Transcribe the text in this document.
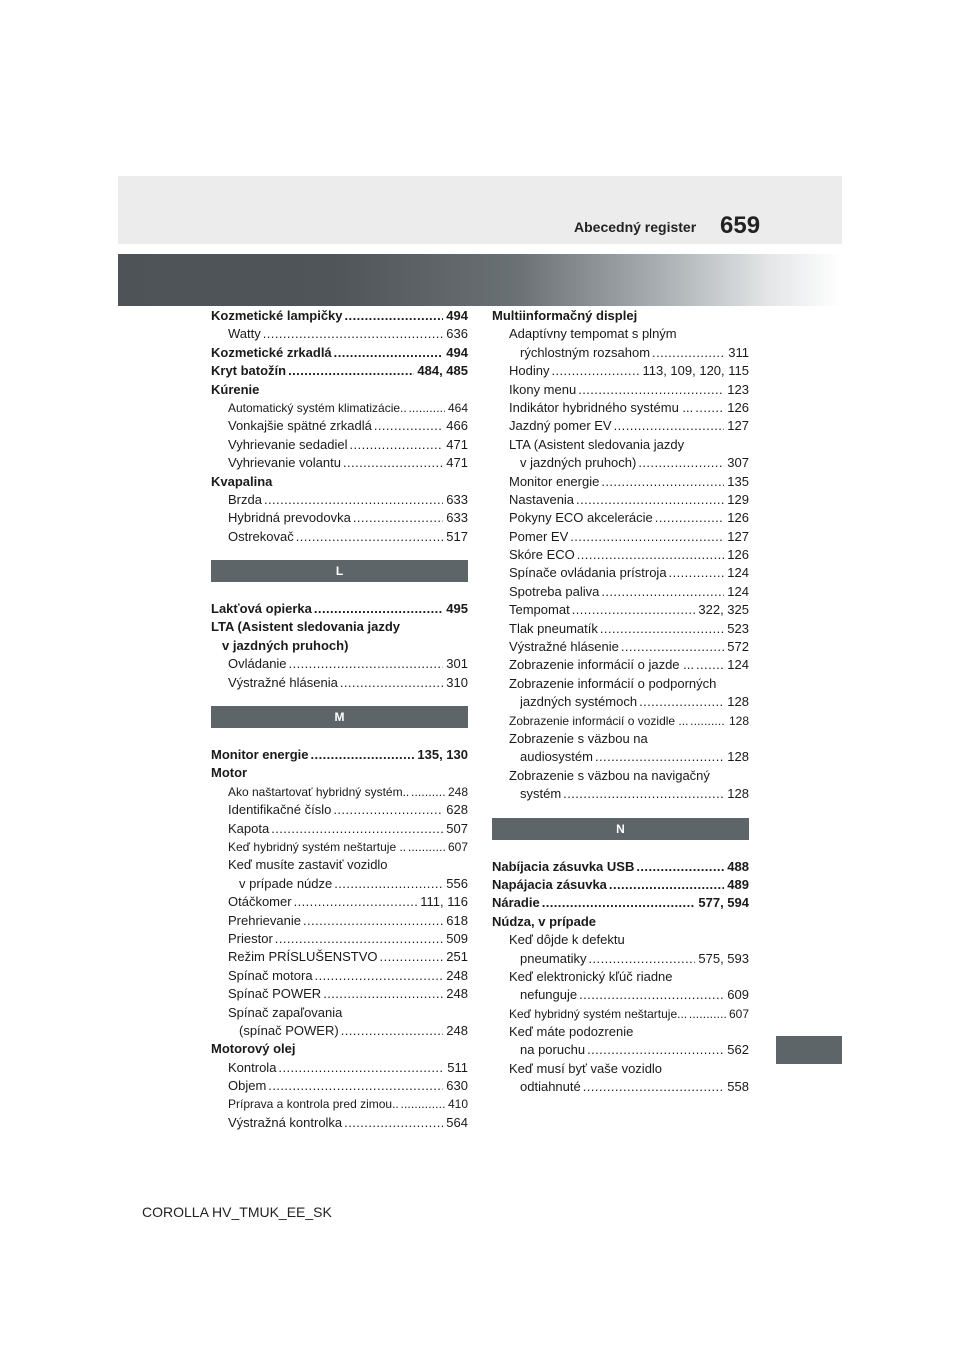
Abecedný register 659
Kozmetické lampičky . . .	494
Watty . . .	636
Kozmetické zrkadlá . . .	494
Kryt batožín . . .	484, 485
Kúrenie
Automatický systém klimatizácie.. . . .	464
Vonkajšie spätné zrkadlá . . .	466
Vyhrievanie sedadiel . . .	471
Vyhrievanie volantu . . .	471
Kvapalina
Brzda . . .	633
Hybridná prevodovka . . .	633
Ostrekovač . . .	517
L
Lakťová opierka . . .	495
LTA (Asistent sledovania jazdy
v jazdných pruhoch)
Ovládanie . . .	301
Výstražné hlásenia . . .	310
M
Monitor energie . . .	135, 130
Motor
Ako naštartovať hybridný systém.. . . .	248
Identifikačné číslo . . .	628
Kapota . . .	507
Keď hybridný systém neštartuje .. . . .	607
Keď musíte zastaviť vozidlo
v prípade núdze . . .	556
Otáčkomer . . .	111, 116
Prehrievanie . . .	618
Priestor . . .	509
Režim PRÍSLUŠENSTVO . . .	251
Spínač motora . . .	248
Spínač POWER . . .	248
Spínač zapaľovania
(spínač POWER) . . .	248
Motorový olej
Kontrola . . .	511
Objem . . .	630
Príprava a kontrola pred zimou.. . . .	410
Výstražná kontrolka . . .	564
Multiinformačný displej
Adaptívny tempomat s plným
rýchlostným rozsahom . . .	311
Hodiny . . .	113, 109, 120, 115
Ikony menu . . .	123
Indikátor hybridného systému ... . . .	126
Jazdný pomer EV . . .	127
LTA (Asistent sledovania jazdy
v jazdných pruhoch) . . .	307
Monitor energie . . .	135
Nastavenia . . .	129
Pokyny ECO akcelerácie . . .	126
Pomer EV . . .	127
Skóre ECO . . .	126
Spínače ovládania prístroja . . .	124
Spotreba paliva . . .	124
Tempomat . . .	322, 325
Tlak pneumatík . . .	523
Výstražné hlásenie . . .	572
Zobrazenie informácií o jazde ... . . .	124
Zobrazenie informácií o podporných
jazdných systémoch . . .	128
Zobrazenie informácií o vozidle ... . . .	128
Zobrazenie s väzbou na
audiosystém . . .	128
Zobrazenie s väzbou na navigačný
systém . . .	128
N
Nabíjacia zásuvka USB . . .	488
Napájacia zásuvka . . .	489
Náradie . . .	577, 594
Núdza, v prípade
Keď dôjde k defektu
pneumatiky . . .	575, 593
Keď elektronický kľúč riadne
nefunguje . . .	609
Keď hybridný systém neštartuje... . . .	607
Keď máte podozrenie
na poruchu . . .	562
Keď musí byť vaše vozidlo
odtiahnuté . . .	558
COROLLA HV_TMUK_EE_SK
